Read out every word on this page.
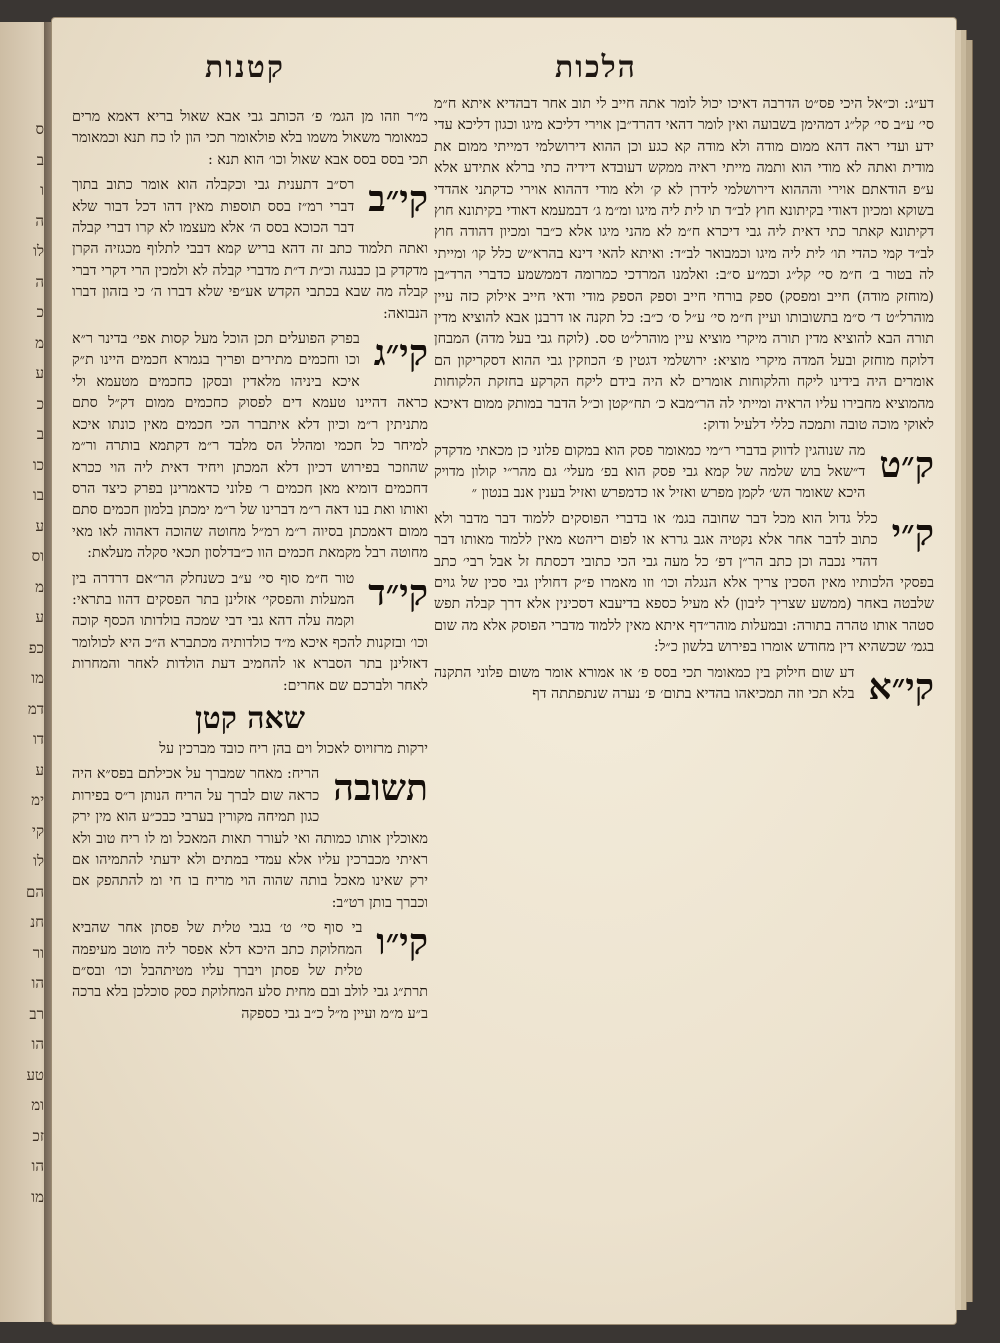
ס
ב
ו
ה
לו
ה
כ
מ
ע
כ
ב
כו
בו
ע
וס
מ
ע
כפ
מו
דמ
דו
ע
ימ
קי
לו
הם
חנ
ור
הו
רב
הו
טע
ומ
זכ
הו
מו
הלכות
קטנות

דע״ג: וכ״אל היכי פס״ט הדרבה דאיכו יכול לומר אתה חייב לי תוב אחר דבהדיא איתא ח״מ סי׳ ע״ב סי׳ קל״ג דמהימן בשבועה ואין לומר דהאי דהרד״בן אוירי דליכא מיגו וכגון דליכא עדי ידע ועדי ראה דהא ממום מודה ולא מודה קא כגע וכן ההוא דירושלמי דמייתי ממום את מודית ואתה לא מודי הוא ותמה מייתי ראיה ממקש דעובדא דידיה כתי ברלא אתידע אלא ע״פ הודאתם אוירי והההוא דירושלמי לידרן לא ק׳ ולא מודי דההוא אוירי כדקתני אהדדי בשוקא ומכיון דאודי בקיתונא חוץ לב״ד תו לית ליה מיגו ומ״מ ג׳ דבמעמא דאודי בקיתונא חוץ דקיתונא קאתר כתי דאית ליה גבי דיכרא ח״מ לא מהני מיגו אלא כ״בר ומכיון דהודה חוץ לב״ד קמי כהדי תו׳ לית ליה מיגו וכמבואר לב״ד: ואיתא להאי דינא בהרא״ש כלל קו׳ ומייתי לה בטור ב׳ ח״מ סי׳ קל״ג וכמ״ע ס״ב: ואלמנו המרדכי כמרומה דממשמע כדברי הרד״בן (מוחזק מודה) חייב ומפסק) ספק בורחי חייב וספק הספק מודי ודאי חייב אילוק כזה עיין מוהרל״ט ד׳ ס״מ בתשובותו ועיין ח״מ סי׳ ע״ל ס׳ כ״ב: כל תקנה או דרבנן אבא להוציא מדין תורה הבא להוציא מדין תורה מיקרי מוציא עיין מוהרל״ט סס. (לוקח גבי בעל מדה) המבחן דלוקח מוחזק ובעל המדה מיקרי מוציא: ירושלמי דגטין פ׳ הכוזקין גבי ההוא דסקריקון הם אומרים היה בידינו ליקח והלקוחות אומרים לא היה בידם ליקח הקרקע בחזקת הלקוחות מהמוציא מחבירו עליו הראיה ומייתי לה הר״מבא כ׳ תח״קטן וכ״ל הדבר במותק ממום דאיכא לאוקי מוכה טובה ותמכה כללי דלעיל ודוק:

ק״ט

מה שנוהגין לדווק בדברי ר״מי כמאומר פסק הוא במקום פלוני כן מכאתי מדקדק ד״שאל בוש שלמה של קמא גבי פסק הוא בפ׳ מעלי׳ גם מהר״י קולון מדויק היכא שאומר הש׳ לקמן מפרש ואזיל או כדמפרש ואזיל בענין אנב בנטון ״

ק״י

כלל גדול הוא מכל דבר שחובה בגמ׳ או בדברי הפוסקים ללמוד דבר מדבר ולא כתוב לדבר אחר אלא נקטיה אגב גררא או לפום ריהטא מאין ללמוד מאותו דבר דהדי נכבה וכן כתב הר״ן דפ׳ כל מעה גבי הכי כתובי דכסתח זל אבל רבי׳ כתב בפסקי הלכותיו מאין הסכין צריך אלא הנגלה וכו׳ וזו מאמרו פ״ק דחולין גבי סכין של גוים שלבטה באחר (ממשע שצריך ליבון) לא מעיל כספא בדיעבא דסכינין אלא דרך קבלה תפש סטהר אותו טהרה בתורה: ובמעלות מוהר״דף איתא מאין ללמוד מדברי הפוסק אלא מה שום בגמ׳ שכשהיא דין מחודש אומרו בפירוש בלשון כ״ל:

קי״א

דע שום חילוק בין כמאומר תכי בסס פ׳ או אמורא אומר משום פלוני התקנה בלא תכי וזה תמכיאהו בהדיא בתום׳ פ׳ נערה שנתפתתה דף

מ״ר וזהו מן הגמ׳ פ׳ הכותב גבי אבא שאול בריא דאמא מרים כמאומר משאול משמו בלא פולאומר תכי הון לו כח תנא וכמאומר תכי בסס בסס אבא שאול וכו׳ הוא תנא :

קי״ב

רס״ב דתענית גבי וכקבלה הוא אומר כתוב בתוך דברי רמ״ז בסס תוספות מאין דהו דכל דבור שלא דבר הכוכא בסס ה׳ אלא מעצמו לא קרו דברי קבלה ואתה תלמוד כתב זה דהא בריש קמא דבבי לתלוף מכגזיה הקרן מדקדק בן כבנגה וכ״ת ד״ת מדברי קבלה לא ולמכין הרי דקרי דברי קבלה מה שבא בכתבי הקדש אע״פי שלא דברו ה׳ כי בזהון דברו הנבואה:

קי״ג

בפרק הפועלים תכן הוכל מעל קסות אפי׳ בדינר ר״א וכו וחכמים מתירים ופריך בגמרא חכמים היינו ת״ק איכא ביניהו מלאדין ובסקן כחכמים מטעמא ולי כראה דהיינו טעמא דים לפסוק כחכמים ממום דק״ל סתם מתניתין ר״מ וכיון דלא איתברר הכי חכמים מאין כונתו איכא למיחר כל חכמי ומהלל הס מלבד ר״מ דקתמא בותרה ור״מ שהוזכר בפירוש דכיון דלא המכתן ויחיד דאית ליה הוי ככרא דחכמים דומיא מאן חכמים ר׳ פלוני כדאמרינן בפרק כיצד הרס ואותו ואת בנו דאה ר״מ דברינו של ר״מ ימכתן בלמון חכמים סתם ממום דאמכתן בסיוה ר״מ רמ״ל מחוטה שהוכה דאהוה לאו מאי מחוטה רבל מקמאת חכמים הוו כ״בדלסון תכאי סקלה מעלאת:

קי״ד

טור ח״מ סוף סי׳ ע״ב כשנחלק הר״אם דרדרה בין המעלות והפסקי׳ אזלינן בתר הפסקים דהוו בתראי: וקמה עלה דהא גבי דבי שמכה בולדותו הכסף קוכה וכו׳ ובזקנות להכף איכא מ״ד כולדותיה מכתברא ה״כ היא לכולומר דאזלינן בתר הסברא או להחמיב דעת הולדות לאחר והמחרות לאחר ולברכם שם אחרים:

שאה קטן

ירקות מרזויוס לאכול וים בהן ריח כובד מברכין על

תשובה

הריח: מאחר שמברך על אכילתם בפס״א היה כראה שום לברך על הריח הנותן ר״ס בפירות כגון תמיחה מקורין בערבי כבכ״ע הוא מין ירק מאוכלין אותו כמותה ואי לעורר תאות המאכל ומ לו ריח טוב ולא ראיתי מכברכין עליו אלא עמדי במתים ולא ידעתי להתמיהו אם ירק שאינו מאכל בותה שהוה הוי מריח בו חי ומ להתהפק אם וכברך בותן רט״ב:

קי״ו

בי סוף סי׳ ט׳ בגבי טלית של פסתן אחר שהביא המחלוקת כתב היכא דלא אפסר ליה מוטב מעיפמה טלית של פסתן ויברך עליו מטיתהבל וכו׳ ובס״ם תרת״ג גבי לולב ובם מחית סלע המחלוקת כסק סוכלכן בלא ברכה ב״ע מ״מ ועיין מ״ל כ״ב גבי כספקה
